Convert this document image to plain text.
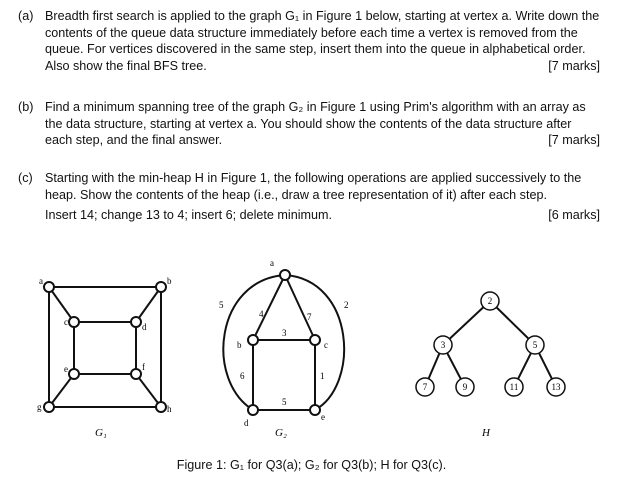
(a) Breadth first search is applied to the graph G₁ in Figure 1 below, starting at vertex a. Write down the contents of the queue data structure immediately before each time a vertex is removed from the queue. For vertices discovered in the same step, insert them into the queue in alphabetical order. Also show the final BFS tree.	[7 marks]
(b) Find a minimum spanning tree of the graph G₂ in Figure 1 using Prim's algorithm with an array as the data structure, starting at vertex a. You should show the contents of the data structure after each step, and the final answer.	[7 marks]
(c) Starting with the min-heap H in Figure 1, the following operations are applied successively to the heap. Show the contents of the heap (i.e., draw a tree representation of it) after each step.
Insert 14; change 13 to 4; insert 6; delete minimum.	[6 marks]
a	b
c	d
e	f
g	h
G₁
a
b	c
d
e
4	7
3
5	2
6	1
5
G₂
2
3	5
7	9	11	13
H
Figure 1: G₁ for Q3(a); G₂ for Q3(b); H for Q3(c).
